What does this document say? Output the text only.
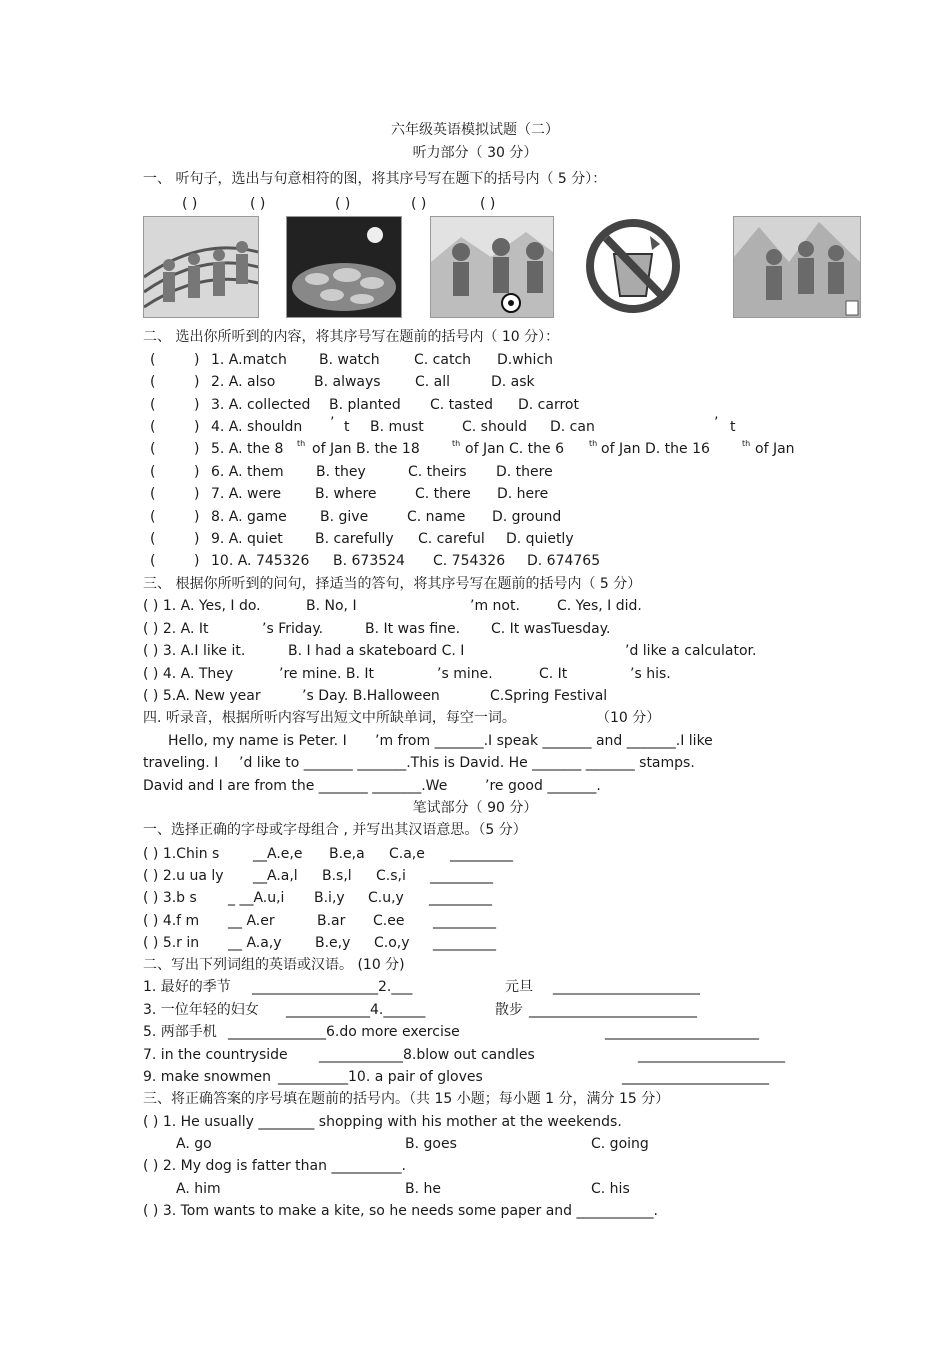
六年级英语模拟试题（二）
听力部分（ 30 分）
一、 听句子，选出与句意相符的图，将其序号写在题下的括号内（ 5 分）：
( )	( )	( )	( )	( )
二、 选出你所听到的内容，将其序号写在题前的括号内（ 10 分）：
(	) 1. A.match B. watch C. catch D.which
(	) 2. A. also	B. always C. all	D. ask
(	) 3. A. collected B. planted C. tasted D. carrot
(	) 4. A. shouldn ’ t B. must	C. should D. can	’ t
(	) 5. A. the 8 th of Jan B. the 18	th of Jan C. the 6	th of Jan D. the 16	th of Jan
(	) 6. A. them B. they	C. theirs D. there
(	) 7. A. were B. where	C. there D. here
(	) 8. A. game B. give	C. name D. ground
(	) 9. A. quiet B. carefully C. careful D. quietly
(	) 10. A. 745326 B. 673524 C. 754326 D. 674765
三、 根据你所听到的问句，择适当的答句，将其序号写在题前的括号内（ 5 分）
( ) 1. A. Yes, I do.	B. No, I	’m not.	C. Yes, I did.
( ) 2. A. It	’s Friday.	B. It was fine. C. It wasTuesday.
( ) 3. A.I like it.	B. I had a skateboard C. I	’d like a calculator.
( ) 4. A. They	’re mine. B. It	’s mine.	C. It	’s his.
( ) 5.A. New year	’s Day. B.Halloween	C.Spring Festival
四. 听录音，根据所听内容写出短文中所缺单词，每空一词。	（10 分）
Hello, my name is Peter. I ’m from _______.I speak _______ and _______.I like
traveling. I ’d like to _______ _______.This is David. He _______ _______ stamps.
David and I are from the _______ _______.We	’re good _______.
笔试部分（ 90 分）
一、选择正确的字母或字母组合 , 并写出其汉语意思。（5 分）
( ) 1.Chin s __A.e,e B.e,a C.a,e _________
( ) 2.u ua ly __A.a,l B.s,l C.s,i _________
( ) 3.b s _ __A.u,i B.i,y C.u,y _________
( ) 4.f m __ A.er	B.ar C.ee _________
( ) 5.r in __ A.a,y B.e,y C.o,y _________
二、写出下列词组的英语或汉语。 (10 分)
1. 最好的季节 __________________2.___	元旦 _____________________
3. 一位年轻的妇女 ____________4.______	散步 ________________________
5. 两部手机 ______________6.do more exercise	______________________
7. in the countryside ____________8.blow out candles	_____________________
9. make snowmen __________10. a pair of gloves	_____________________
三、将正确答案的序号填在题前的括号内。（共 15 小题；每小题 1 分，满分 15 分）
( ) 1. He usually ________ shopping with his mother at the weekends.
A. go	B. goes	C. going
( ) 2. My dog is fatter than __________.
A. him	B. he	C. his
( ) 3. Tom wants to make a kite, so he needs some paper and ___________.
